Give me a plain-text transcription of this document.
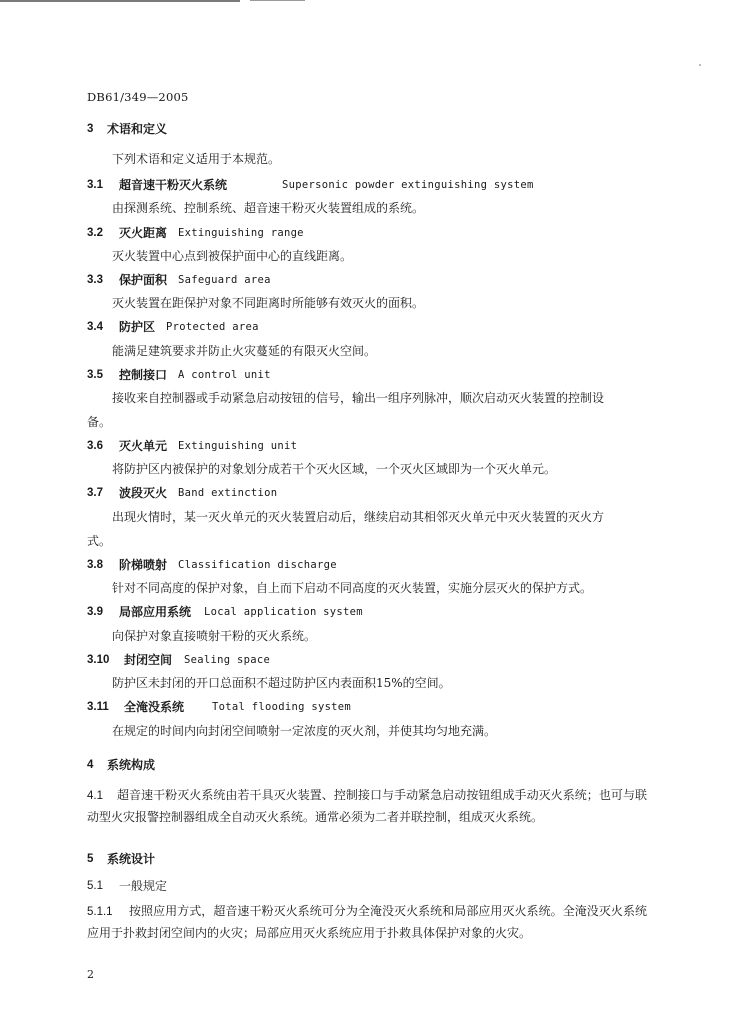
DB61/349—2005
3 术语和定义
下列术语和定义适用于本规范。
3.1 超音速干粉灭火系统	Supersonic powder extinguishing system
由探测系统、控制系统、超音速干粉灭火装置组成的系统。
3.2 灭火距离 Extinguishing range
灭火装置中心点到被保护面中心的直线距离。
3.3 保护面积 Safeguard area
灭火装置在距保护对象不同距离时所能够有效灭火的面积。
3.4 防护区 Protected area
能满足建筑要求并防止火灾蔓延的有限灭火空间。
3.5 控制接口 A control unit
接收来自控制器或手动紧急启动按钮的信号，输出一组序列脉冲，顺次启动灭火装置的控制设
备。
3.6 灭火单元 Extinguishing unit
将防护区内被保护的对象划分成若干个灭火区域，一个灭火区域即为一个灭火单元。
3.7 波段灭火 Band extinction
出现火情时，某一灭火单元的灭火装置启动后，继续启动其相邻灭火单元中灭火装置的灭火方
式。
3.8 阶梯喷射 Classification discharge
针对不同高度的保护对象，自上而下启动不同高度的灭火装置，实施分层灭火的保护方式。
3.9 局部应用系统 Local application system
向保护对象直接喷射干粉的灭火系统。
3.10 封闭空间 Sealing space
防护区未封闭的开口总面积不超过防护区内表面积15%的空间。
3.11 全淹没系统	Total flooding system
在规定的时间内向封闭空间喷射一定浓度的灭火剂，并使其均匀地充满。
4 系统构成
4.1	超音速干粉灭火系统由若干具灭火装置、控制接口与手动紧急启动按钮组成手动灭火系统；也可与联动型火灾报警控制器组成全自动灭火系统。通常必须为二者并联控制，组成灭火系统。
5 系统设计
5.1 一般规定
5.1.1	按照应用方式，超音速干粉灭火系统可分为全淹没灭火系统和局部应用灭火系统。全淹没灭火系统应用于扑救封闭空间内的火灾；局部应用灭火系统应用于扑救具体保护对象的火灾。
2
